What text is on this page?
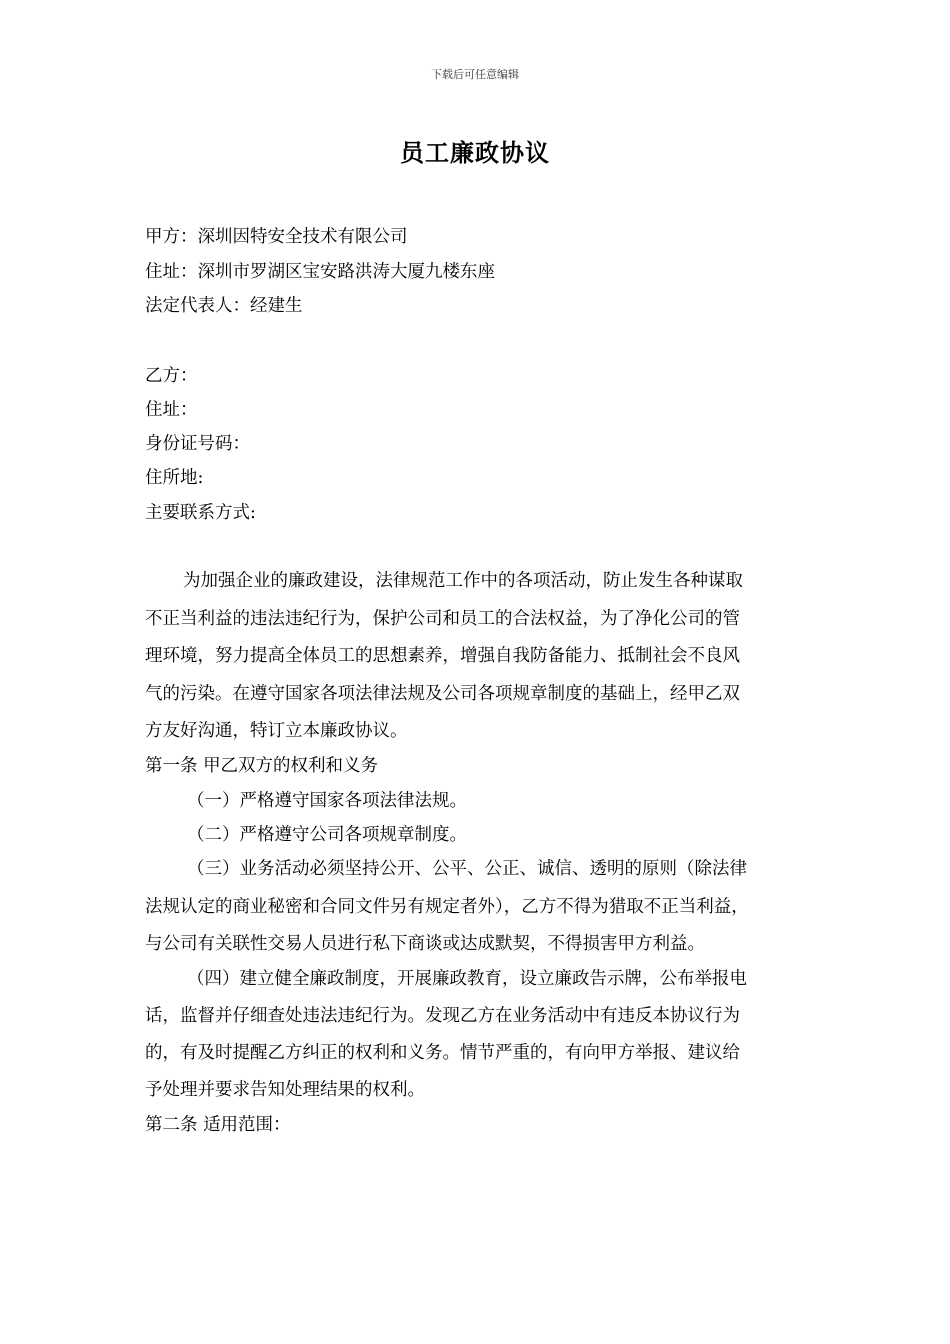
下载后可任意编辑
员工廉政协议
甲方：深圳因特安全技术有限公司
住址：深圳市罗湖区宝安路洪涛大厦九楼东座
法定代表人：经建生
乙方：
住址：
身份证号码：
住所地:
主要联系方式:
为加强企业的廉政建设，法律规范工作中的各项活动，防止发生各种谋取
不正当利益的违法违纪行为，保护公司和员工的合法权益，为了净化公司的管
理环境，努力提高全体员工的思想素养，增强自我防备能力、抵制社会不良风
气的污染。在遵守国家各项法律法规及公司各项规章制度的基础上，经甲乙双
方友好沟通，特订立本廉政协议。
第一条 甲乙双方的权利和义务
（一）严格遵守国家各项法律法规。
（二）严格遵守公司各项规章制度。
（三）业务活动必须坚持公开、公平、公正、诚信、透明的原则（除法律
法规认定的商业秘密和合同文件另有规定者外），乙方不得为猎取不正当利益，
与公司有关联性交易人员进行私下商谈或达成默契，不得损害甲方利益。
（四）建立健全廉政制度，开展廉政教育，设立廉政告示牌，公布举报电
话，监督并仔细查处违法违纪行为。发现乙方在业务活动中有违反本协议行为
的，有及时提醒乙方纠正的权利和义务。情节严重的，有向甲方举报、建议给
予处理并要求告知处理结果的权利。
第二条 适用范围：
